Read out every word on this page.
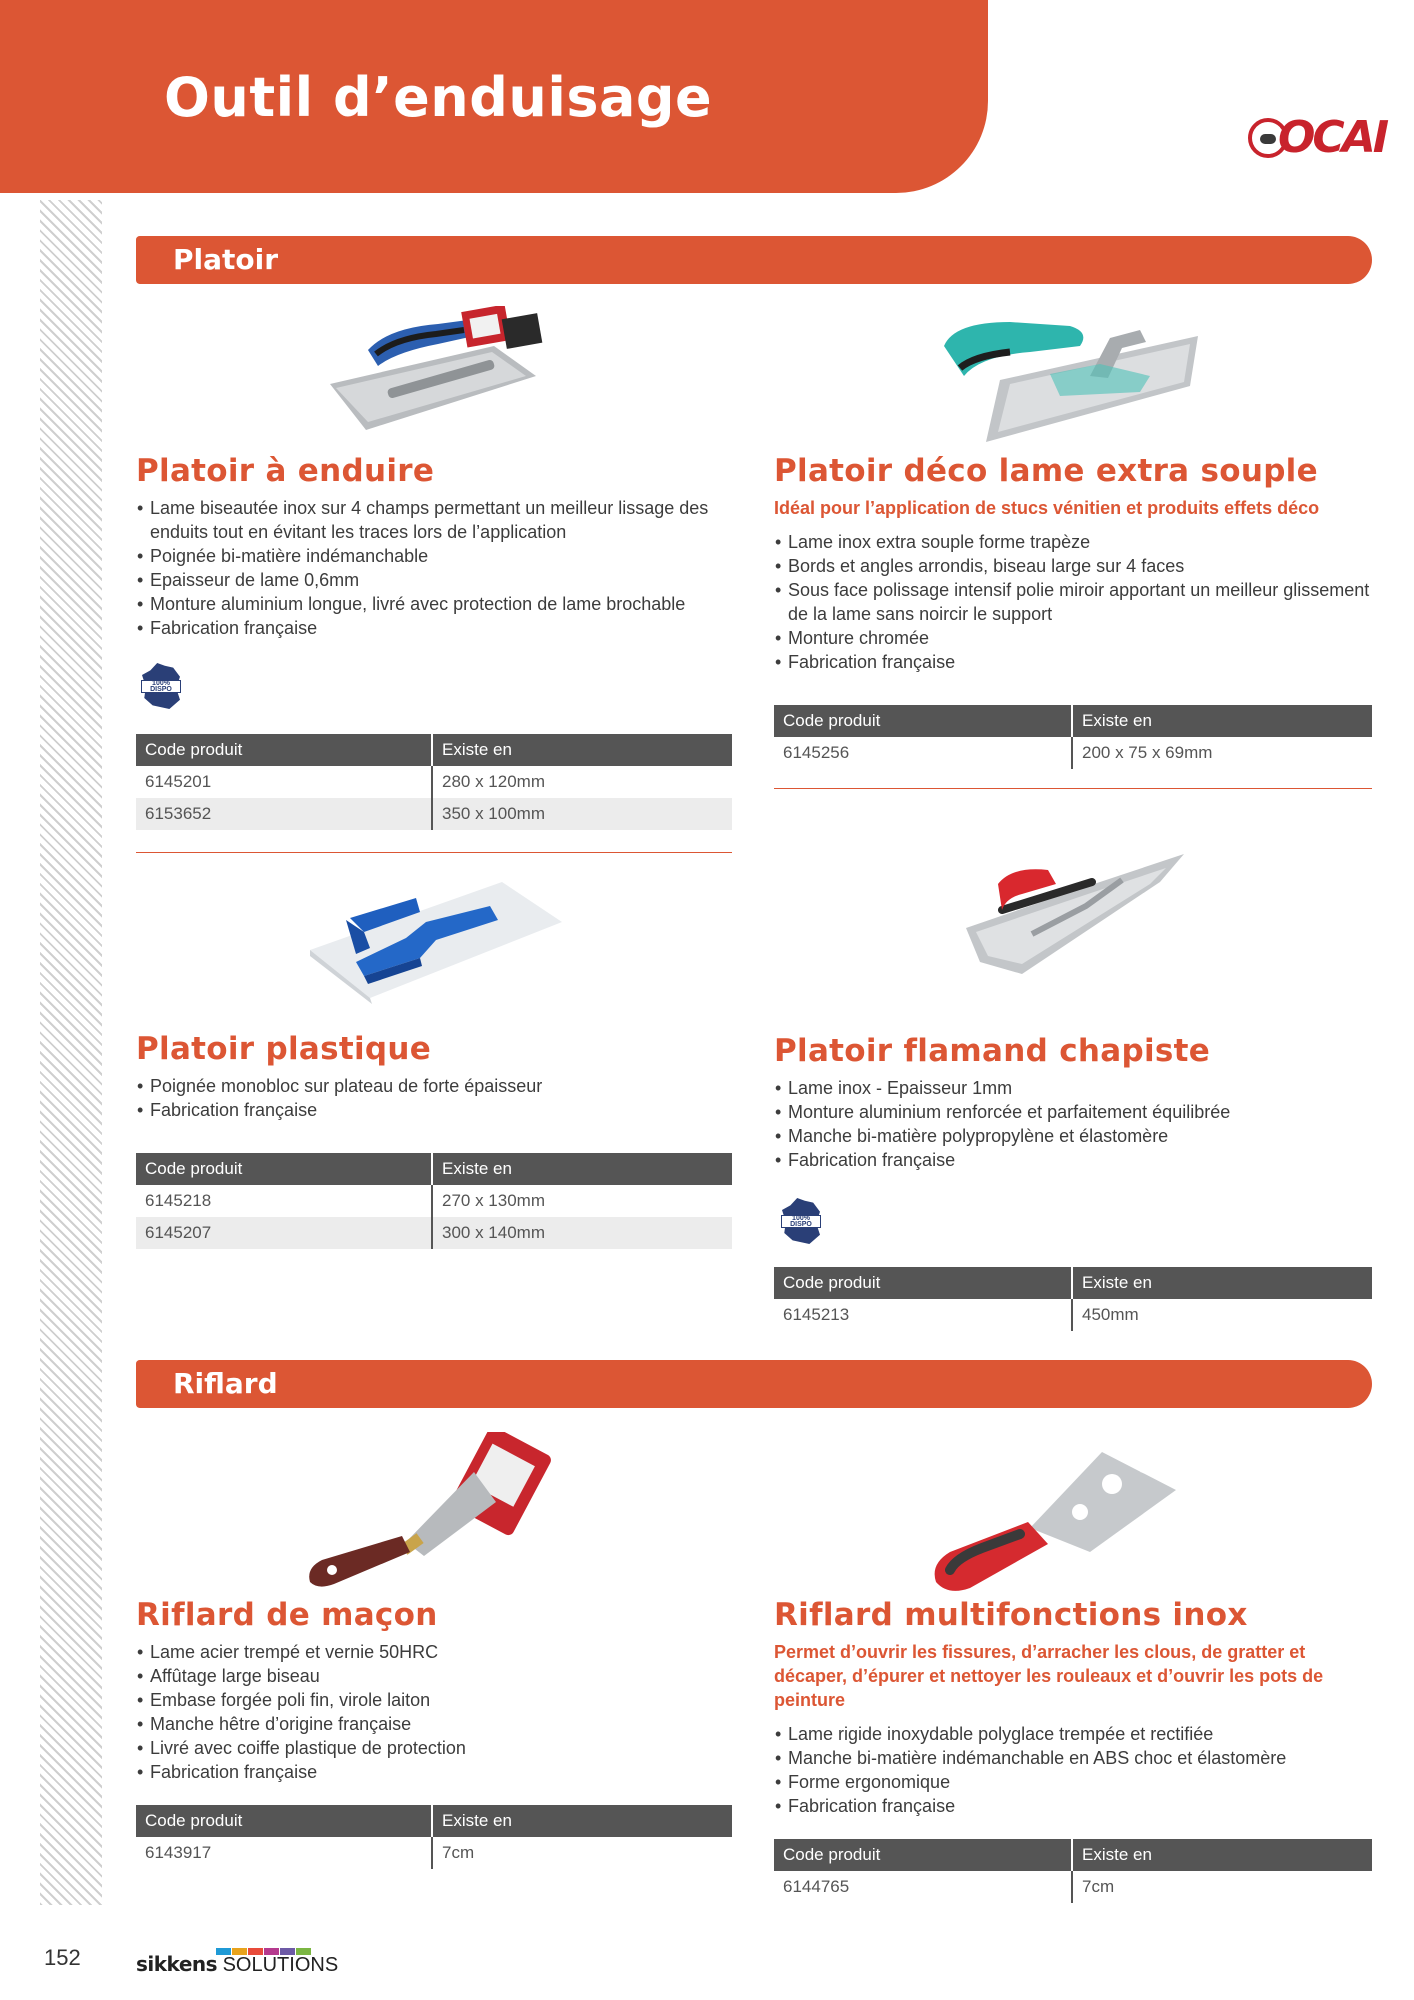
Outil d’enduisage
OCAI
Platoir
Platoir à enduire
• Lame biseautée inox sur 4 champs permettant un meilleur lissage des enduits tout en évitant les traces lors de l’application
• Poignée bi-matière indémanchable
• Epaisseur de lame 0,6mm
• Monture aluminium longue, livré avec protection de lame brochable
• Fabrication française
100%
DISPO
Code produit	Existe en
6145201	280 x 120mm
6153652	350 x 100mm
Platoir déco lame extra souple
Idéal pour l’application de stucs vénitien et produits effets déco
• Lame inox extra souple forme trapèze
• Bords et angles arrondis, biseau large sur 4 faces
• Sous face polissage intensif polie miroir apportant un meilleur glissement de la lame sans noircir le support
• Monture chromée
• Fabrication française
Code produit	Existe en
6145256	200 x 75 x 69mm
Platoir plastique
• Poignée monobloc sur plateau de forte épaisseur
• Fabrication française
Code produit	Existe en
6145218	270 x 130mm
6145207	300 x 140mm
Platoir flamand chapiste
• Lame inox - Epaisseur 1mm
• Monture aluminium renforcée et parfaitement équilibrée
• Manche bi-matière polypropylène et élastomère
• Fabrication française
100%
DISPO
Code produit	Existe en
6145213	450mm
Riflard
Riflard de maçon
• Lame acier trempé et vernie 50HRC
• Affûtage large biseau
• Embase forgée poli fin, virole laiton
• Manche hêtre d’origine française
• Livré avec coiffe plastique de protection
• Fabrication française
Code produit	Existe en
6143917	7cm
Riflard multifonctions inox
Permet d’ouvrir les fissures, d’arracher les clous, de gratter et décaper, d’épurer et nettoyer les rouleaux et d’ouvrir les pots de peinture
• Lame rigide inoxydable polyglace trempée et rectifiée
• Manche bi-matière indémanchable en ABS choc et élastomère
• Forme ergonomique
• Fabrication française
Code produit	Existe en
6144765	7cm
152	sikkens SOLUTIONS
